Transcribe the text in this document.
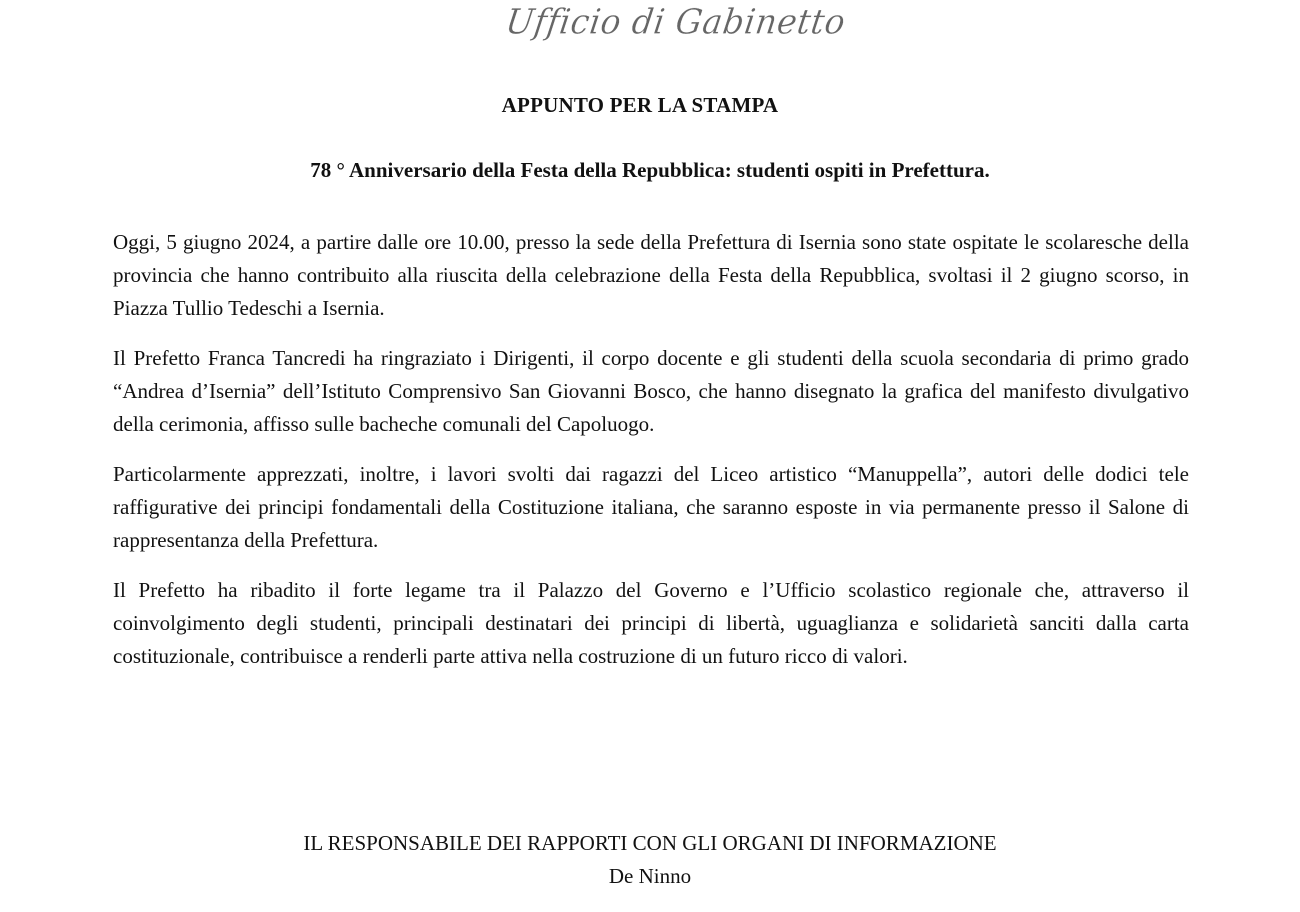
Ufficio di Gabinetto
APPUNTO PER LA STAMPA
78 ° Anniversario della Festa della Repubblica: studenti ospiti in Prefettura.

Oggi, 5 giugno 2024, a partire dalle ore 10.00, presso la sede della Prefettura di Isernia sono state ospitate le scolaresche della provincia che hanno contribuito alla riuscita della celebrazione della Festa della Repubblica, svoltasi il 2 giugno scorso, in Piazza Tullio Tedeschi a Isernia.

Il Prefetto Franca Tancredi ha ringraziato i Dirigenti, il corpo docente e gli studenti della scuola secondaria di primo grado “Andrea d’Isernia” dell’Istituto Comprensivo San Giovanni Bosco, che hanno disegnato la grafica del manifesto divulgativo della cerimonia, affisso sulle bacheche comunali del Capoluogo.

Particolarmente apprezzati, inoltre, i lavori svolti dai ragazzi del Liceo artistico “Manuppella”, autori delle dodici tele raffigurative dei principi fondamentali della Costituzione italiana, che saranno esposte in via permanente presso il Salone di rappresentanza della Prefettura.

Il Prefetto ha ribadito il forte legame tra il Palazzo del Governo e l’Ufficio scolastico regionale che, attraverso il coinvolgimento degli studenti, principali destinatari dei principi di libertà, uguaglianza e solidarietà sanciti dalla carta costituzionale, contribuisce a renderli parte attiva nella costruzione di un futuro ricco di valori.

IL RESPONSABILE DEI RAPPORTI CON GLI ORGANI DI INFORMAZIONE
De Ninno
